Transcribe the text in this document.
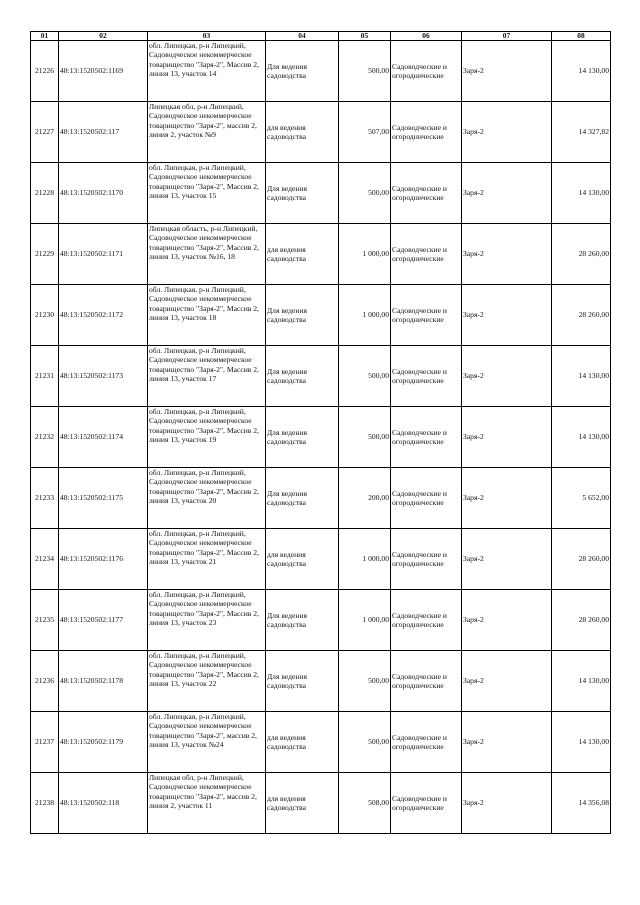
01	02	03	04	05	06	07	08
21226	48:13:1520502:1169	обл. Липецкая, р-н Липецкий, Садоводческое некоммерческое товарищество "Заря-2", Массив 2, линия 13, участок 14	Для ведения садоводства	500,00	Садоводческие и огороднические	Заря-2	14 130,00
21227	48:13:1520502:117	Липецкая обл, р-н Липецкий, Садоводческое некоммерческое товарищество "Заря-2", массив 2, линия 2, участок №9	для ведения садоводства	507,00	Садоводческие и огороднические	Заря-2	14 327,82
21228	48:13:1520502:1170	обл. Липецкая, р-н Липецкий, Садоводческое некоммерческое товарищество "Заря-2", Массив 2, линия 13, участок 15	Для ведения садоводства	500,00	Садоводческие и огороднические	Заря-2	14 130,00
21229	48:13:1520502:1171	Липецкая область, р-н Липецкий, Садоводческое некоммерческое товарищество "Заря-2", Массив 2, линия 13, участок №16, 18	для ведения садоводства	1 000,00	Садоводческие и огороднические	Заря-2	28 260,00
21230	48:13:1520502:1172	обл. Липецкая, р-н Липецкий, Садоводческое некоммерческое товарищество "Заря-2", Массив 2, линия 13, участок 18	Для ведения садоводства	1 000,00	Садоводческие и огороднические	Заря-2	28 260,00
21231	48:13:1520502:1173	обл. Липецкая, р-н Липецкий, Садоводческое некоммерческое товарищество "Заря-2", Массив 2, линия 13, участок 17	Для ведения садоводства	500,00	Садоводческие и огороднические	Заря-2	14 130,00
21232	48:13:1520502:1174	обл. Липецкая, р-н Липецкий, Садоводческое некоммерческое товарищество "Заря-2", Массив 2, линия 13, участок 19	Для ведения садоводства	500,00	Садоводческие и огороднические	Заря-2	14 130,00
21233	48:13:1520502:1175	обл. Липецкая, р-н Липецкий, Садоводческое некоммерческое товарищество "Заря-2", Массив 2, линия 13, участок 20	Для ведения садоводства	200,00	Садоводческие и огороднические	Заря-2	5 652,00
21234	48:13:1520502:1176	обл. Липецкая, р-н Липецкий, Садоводческое некоммерческое товарищество "Заря-2", Массив 2, линия 13, участок 21	для ведения садоводства	1 000,00	Садоводческие и огороднические	Заря-2	28 260,00
21235	48:13:1520502:1177	обл. Липецкая, р-н Липецкий, Садоводческое некоммерческое товарищество "Заря-2", Массив 2, линия 13, участок 23	Для ведения садоводства	1 000,00	Садоводческие и огороднические	Заря-2	28 260,00
21236	48:13:1520502:1178	обл. Липецкая, р-н Липецкий, Садоводческое некоммерческое товарищество "Заря-2", Массив 2, линия 13, участок 22	Для ведения садоводства	500,00	Садоводческие и огороднические	Заря-2	14 130,00
21237	48:13:1520502:1179	обл. Липецкая, р-н Липецкий, Садоводческое некоммерческое товарищество "Заря-2", массив 2, линия 13, участок №24	для ведения садоводства	500,00	Садоводческие и огороднические	Заря-2	14 130,00
21238	48:13:1520502:118	Липецкая обл, р-н Липецкий, Садоводческое некоммерческое товарищество "Заря-2", массив 2, линия 2, участок 11	для ведения садоводства	508,00	Садоводческие и огороднические	Заря-2	14 356,08
